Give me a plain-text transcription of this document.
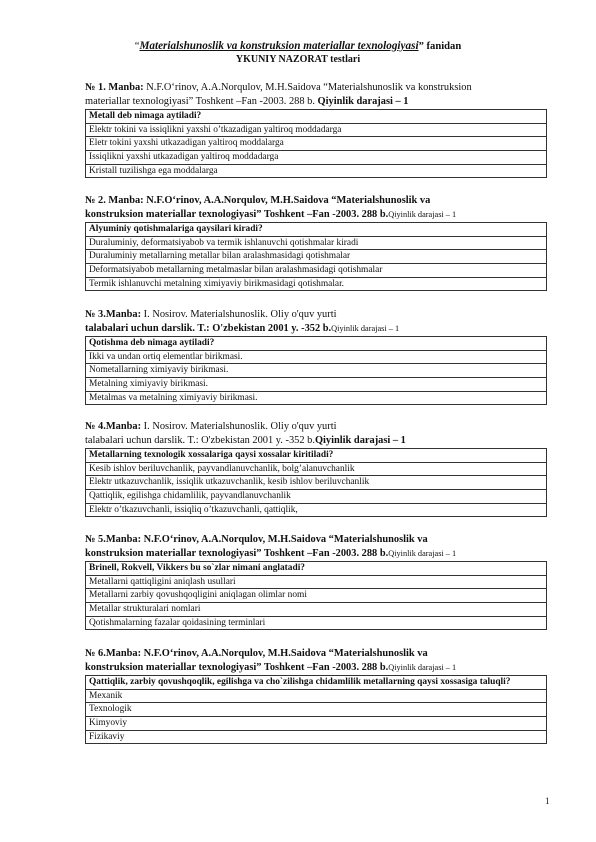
“Materialshunoslik va konstruksion materiallar texnologiyasi” fanidan
YKUNIY NAZORAT testlari
№ 1. Manba: N.F.O‘rinov, A.A.Norqulov, M.H.Saidova “Materialshunoslik va konstruksion
materiallar texnologiyasi” Toshkent –Fan -2003. 288 b. Qiyinlik darajasi – 1
Metall deb nimaga aytiladi?
Elektr tokini va issiqlikni yaxshi o’tkazadigan yaltiroq moddadarga
Eletr tokini yaxshi utkazadigan yaltiroq moddalarga
Issiqlikni yaxshi utkazadigan yaltiroq moddadarga
Kristall tuzilishga ega moddalarga
№ 2. Manba: N.F.O‘rinov, A.A.Norqulov, M.H.Saidova “Materialshunoslik va
konstruksion materiallar texnologiyasi” Toshkent –Fan -2003. 288 b.Qiyinlik darajasi – 1
Alyuminiy qotishmalariga qaysilari kiradi?
Duraluminiy, deformatsiyabob va termik ishlanuvchi qotishmalar kiradi
Duraluminiy metallarning metallar bilan aralashmasidagi qotishmalar
Deformatsiyabob metallarning metalmaslar bilan aralashmasidagi qotishmalar
Termik ishlanuvchi metalning ximiyaviy birikmasidagi qotishmalar.
№ 3.Manba: I. Nosirov. Materialshunoslik. Oliy o'quv yurti
talabalari uchun darslik. T.: O'zbekistan 2001 y. -352 b.Qiyinlik darajasi – 1
Qotishma deb nimaga aytiladi?
Ikki va undan ortiq elementlar birikmasi.
Nometallarning ximiyaviy birikmasi.
Metalning ximiyaviy birikmasi.
Metalmas va metalning ximiyaviy birikmasi.
№ 4.Manba: I. Nosirov. Materialshunoslik. Oliy o'quv yurti
talabalari uchun darslik. T.: O'zbekistan 2001 y. -352 b.Qiyinlik darajasi – 1
Metallarning texnologik xossalariga qaysi xossalar kiritiladi?
Kesib ishlov beriluvchanlik, payvandlanuvchanlik, bolg’alanuvchanlik
Elektr utkazuvchanlik, issiqlik utkazuvchanlik, kesib ishlov beriluvchanlik
Qattiqlik, egilishga chidamlilik, payvandlanuvchanlik
Elektr o’tkazuvchanli, issiqliq o’tkazuvchanli, qattiqlik,
№ 5.Manba: N.F.O‘rinov, A.A.Norqulov, M.H.Saidova “Materialshunoslik va
konstruksion materiallar texnologiyasi” Toshkent –Fan -2003. 288 b.Qiyinlik darajasi – 1
Brinell, Rokvell, Vikkers bu so`zlar nimani anglatadi?
Metallarni qattiqligini aniqlash usullari
Metallarni zarbiy qovushqoqligini aniqlagan olimlar nomi
Metallar strukturalari nomlari
Qotishmalarning fazalar qoidasining terminlari
№ 6.Manba: N.F.O‘rinov, A.A.Norqulov, M.H.Saidova “Materialshunoslik va
konstruksion materiallar texnologiyasi” Toshkent –Fan -2003. 288 b.Qiyinlik darajasi – 1
Qattiqlik, zarbiy qovushqoqlik, egilishga va cho`zilishga chidamlilik metallarning qaysi xossasiga taluqli?
Mexanik
Texnologik
Kimyoviy
Fizikaviy
1
